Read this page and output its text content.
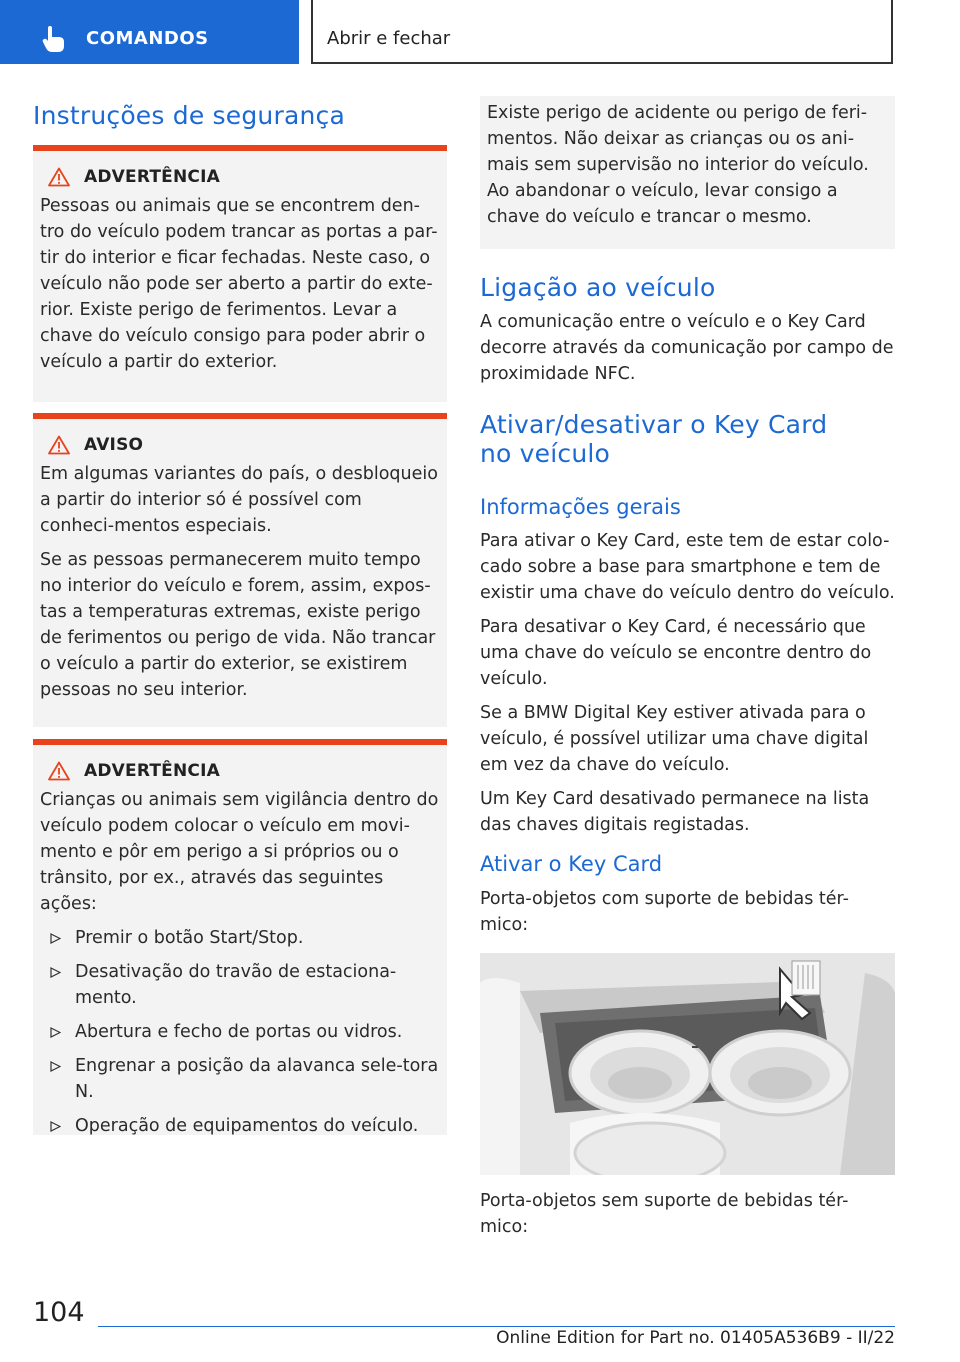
COMANDOS	Abrir e fechar
Instruções de segurança
ADVERTÊNCIA

Pessoas ou animais que se encontrem den-tro do veículo podem trancar as portas a par-tir do interior e ficar fechadas. Neste caso, o veículo não pode ser aberto a partir do exte-rior. Existe perigo de ferimentos. Levar a chave do veículo consigo para poder abrir o veículo a partir do exterior.

AVISO

Em algumas variantes do país, o desbloqueio a partir do interior só é possível com conheci-mentos especiais.

Se as pessoas permanecerem muito tempo no interior do veículo e forem, assim, expos-tas a temperaturas extremas, existe perigo de ferimentos ou perigo de vida. Não trancar o veículo a partir do exterior, se existirem pessoas no seu interior.

ADVERTÊNCIA

Crianças ou animais sem vigilância dentro do veículo podem colocar o veículo em movi-mento e pôr em perigo a si próprios ou o trânsito, por ex., através das seguintes ações:

Premir o botão Start/Stop.
Desativação do travão de estaciona-mento.
Abertura e fecho de portas ou vidros.
Engrenar a posição da alavanca sele-tora N.
Operação de equipamentos do veículo.

Existe perigo de acidente ou perigo de feri-mentos. Não deixar as crianças ou os ani-mais sem supervisão no interior do veículo. Ao abandonar o veículo, levar consigo a chave do veículo e trancar o mesmo.

Ligação ao veículo

A comunicação entre o veículo e o Key Card decorre através da comunicação por campo de proximidade NFC.

Ativar/desativar o Key Card no veículo
Informações gerais

Para ativar o Key Card, este tem de estar colo-cado sobre a base para smartphone e tem de existir uma chave do veículo dentro do veículo.

Para desativar o Key Card, é necessário que uma chave do veículo se encontre dentro do veículo.

Se a BMW Digital Key estiver ativada para o veículo, é possível utilizar uma chave digital em vez da chave do veículo.

Um Key Card desativado permanece na lista das chaves digitais registadas.

Ativar o Key Card

Porta-objetos com suporte de bebidas tér-mico:

Porta-objetos sem suporte de bebidas tér-mico:

104
Online Edition for Part no. 01405A536B9 - II/22
